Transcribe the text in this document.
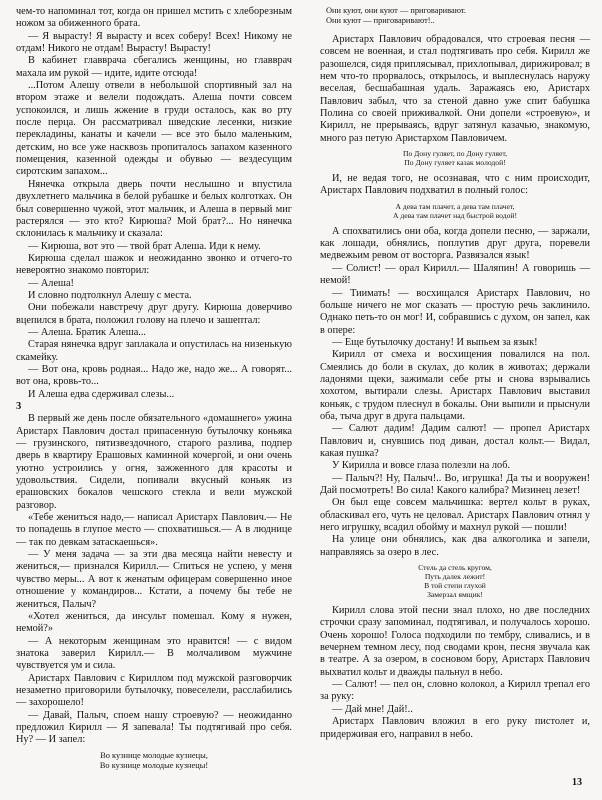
чем-то напоминал тот, когда он пришел мстить с хлеборезным ножом за обиженного брата.

— Я вырасту! Я вырасту и всех соберу! Всех! Никому не отдам! Никого не отдам! Вырасту! Вырасту!

В кабинет главврача сбегались женщины, но главврач махала им рукой — идите, идите отсюда!

...Потом Алешу отвели в небольшой спортивный зал на втором этаже и велели подождать. Алеша почти совсем успокоился, и лишь жжение в груди осталось, как во рту после перца. Он рассматривал шведские лесенки, низкие перекладины, канаты и качели — все это было маленьким, детским, но все уже насквозь пропиталось запахом казенного помещения, казенной одежды и обувью — вездесущим сиротским запахом...

Нянечка открыла дверь почти неслышно и впустила двухлетнего мальчика в белой рубашке и белых колготках. Он был совершенно чужой, этот мальчик, и Алеша в первый миг растерялся — это кто? Кирюша? Мой брат?... Но нянечка склонилась к мальчику и сказала:

— Кирюша, вот это — твой брат Алеша. Иди к нему.

Кирюша сделал шажок и неожиданно звонко и отчего-то невероятно знакомо повторил:

— Алеша!

И словно подтолкнул Алешу с места.

Они побежали навстречу друг другу. Кирюша доверчиво вцепился в брата, положил голову на плечо и зашептал:

— Алеша. Братик Алеша...

Старая нянечка вдруг заплакала и опустилась на низенькую скамейку.

— Вот она, кровь родная... Надо же, надо же... А говорят... вот она, кровь-то...

И Алеша едва сдерживал слезы...

3

В первый же день после обязательного «домашнего» ужина Аристарх Павлович достал припасенную бутылочку коньяка — грузинского, пятизвездочного, старого разлива, подпер дверь в квартиру Ерашовых каминной кочергой, и они очень уютно устроились у огня, зажженного для красоты и удовольствия. Сидели, попивали вкусный коньяк из ерашовских бокалов чешского стекла и вели мужской разговор.

«Тебе жениться надо,— написал Аристарх Павлович.— Не то попадешь в глупое место — спохватишься.— А в люднице — так по девкам затаскаешься».

— У меня задача — за эти два месяца найти невесту и жениться,— признался Кирилл.— Спиться не успею, у меня чувство меры... А вот к женатым офицерам совершенно иное отношение у командиров... Кстати, а почему бы тебе не жениться, Палыч?

«Хотел жениться, да инсульт помешал. Кому я нужен, немой?»

— А некоторым женщинам это нравится! — с видом знатока заверил Кирилл.— В молчаливом мужчине чувствуется ум и сила.

Аристарх Павлович с Кириллом под мужской разговорчик незаметно приговорили бутылочку, повеселели, расслабились — захорошело!

— Давай, Палыч, споем нашу строевую? — неожиданно предложил Кирилл — Я запевала! Ты подтягивай про себя. Ну? — И запел:

Во кузнице молодые кузнецы,
Во кузнице молодые кузнецы!
Они куют, они куют — приговаривают.
Они куют — приговаривают!..

Аристарх Павлович обрадовался, что строевая песня — совсем не военная, и стал подтягивать про себя. Кирилл же разошелся, сидя приплясывал, прихлопывал, дирижировал; в нем что-то прорвалось, открылось, и выплеснулась наружу веселая, бесшабашная удаль. Заражаясь ею, Аристарх Павлович забыл, что за стеной давно уже спит бабушка Полина со своей приживалкой. Они допели «строевую», и Кирилл, не прерываясь, вдруг затянул казачью, знакомую, много раз петую Аристархом Павловичем.

По Дону гуляет, по Дону гуляет,
По Дону гуляет казак молодой!

И, не ведая того, не осознавая, что с ним происходит, Аристарх Павлович подхватил в полный голос:

А дева там плачет, а дева там плачет,
А дева там плачет над быстрой водой!

А спохватились они оба, когда допели песню, — заржали, как лошади, обнялись, поплутив друг друга, поревели медвежьим ревом от восторга. Развязался язык!

— Солист! — орал Кирилл.— Шаляпин! А говоришь — немой!

— Тиимать! — восхищался Аристарх Павлович, но больше ничего не мог сказать — простую речь заклинило. Однако петь-то он мог! И, собравшись с духом, он запел, как в опере:

— Еще бутылочку достану! И выпьем за язык!

Кирилл от смеха и восхищения повалился на пол. Смеялись до боли в скулах, до колик в животах; держали ладонями щеки, зажимали себе рты и снова взрывались хохотом, вытирали слезы. Аристарх Павлович выставил коньяк, с трудом плеснул в бокалы. Они выпили и прыснули оба, тыча друг в друга пальцами.

— Салют дадим! Дадим салют! — пропел Аристарх Павлович и, снувшись под диван, достал кольт.— Видал, какая пушка?

У Кирилла и вовсе глаза полезли на лоб.

— Палыч?! Ну, Палыч!.. Во, игрушка! Да ты и вооружен! Дай посмотреть! Во сила! Какого калибра? Мизинец лезет!

Он был еще совсем мальчишка: вертел кольт в руках, обласкивал его, чуть не целовал. Аристарх Павлович отнял у него игрушку, всадил обойму и махнул рукой — пошли!

На улице они обнялись, как два алкоголика и запели, направляясь за озеро в лес.

Стель да стель кругом,
Путь далек лежит!
В той степи глухой
Замерзал ямщик!

Кирилл слова этой песни знал плохо, но две последних строчки сразу запоминал, подтягивал, и получалось хорошо. Очень хорошо! Голоса подходили по тембру, сливались, и в вечернем темном лесу, под сводами крон, песня звучала как в театре. А за озером, в сосновом бору, Аристарх Павлович выхватил кольт и дважды пальнул в небо.

— Салют! — пел он, словно колокол, а Кирилл трепал его за руку:

— Дай мне! Дай!..

Аристарх Павлович вложил в его руку пистолет и, придерживая его, направил в небо.

13
